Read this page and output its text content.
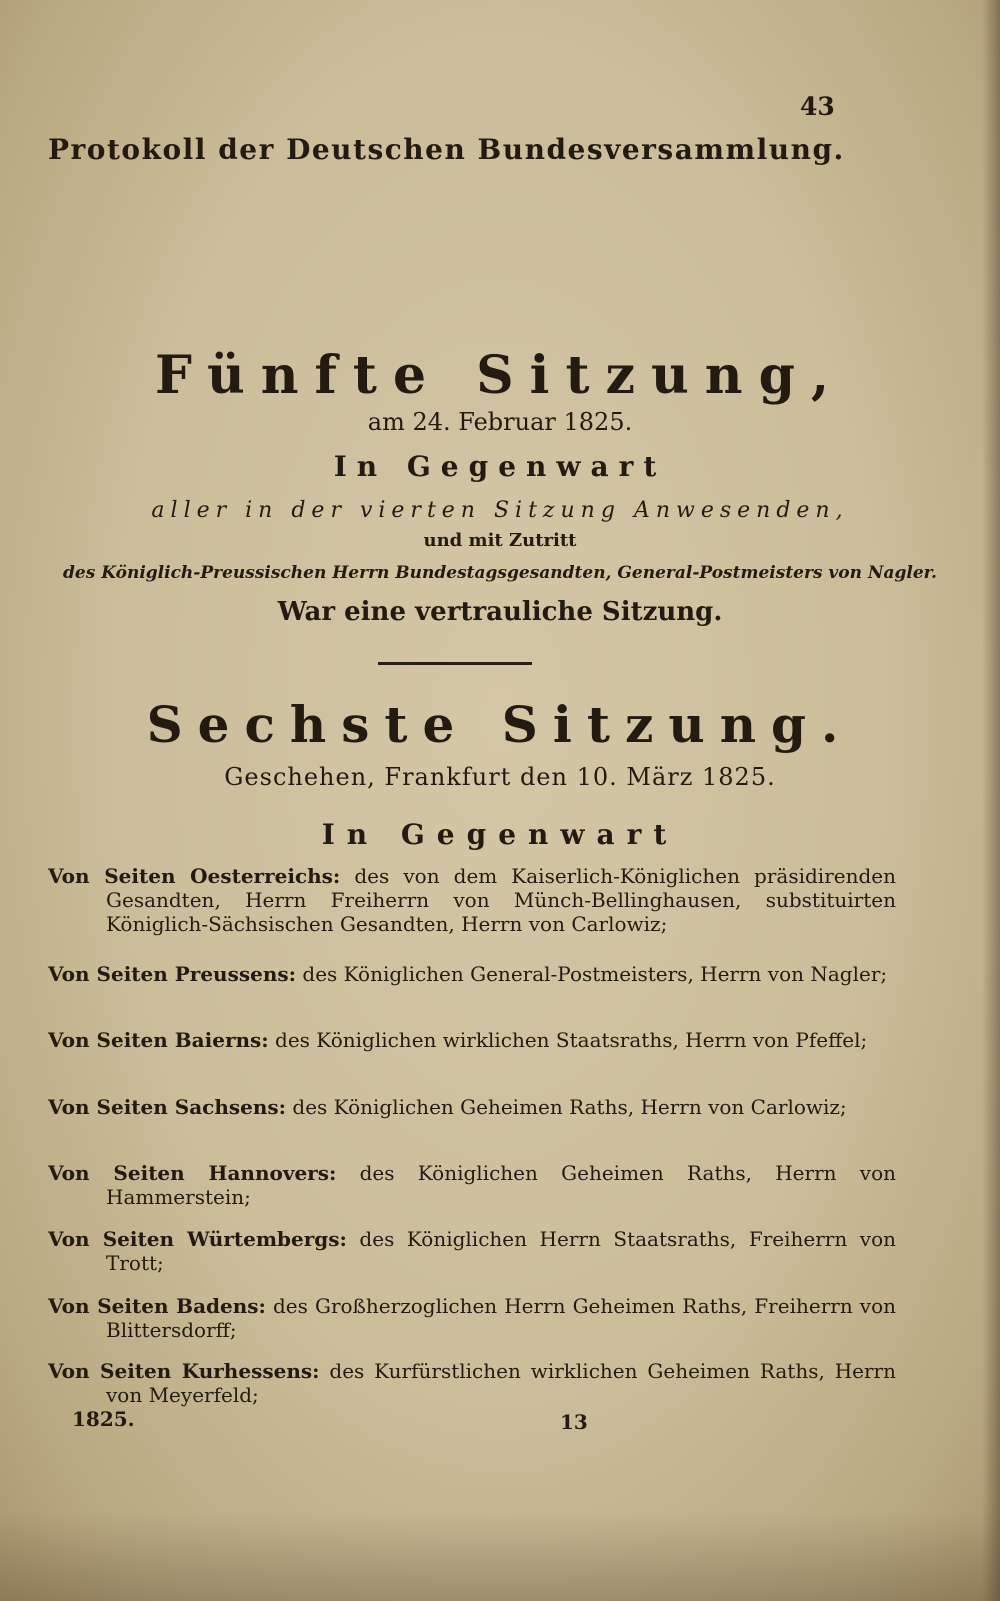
43
Protokoll der Deutschen Bundesversammlung.
Fünfte Sitzung,
am 24. Februar 1825.
In Gegenwart
aller in der vierten Sitzung Anwesenden,
und mit Zutritt
des Königlich-Preussischen Herrn Bundestagsgesandten, General-Postmeisters von Nagler.
War eine vertrauliche Sitzung.
Sechste Sitzung.
Geschehen, Frankfurt den 10. März 1825.
In Gegenwart
Von Seiten Oesterreichs: des von dem Kaiserlich-Königlichen präsidirenden Gesandten, Herrn Freiherrn von Münch-Bellinghausen, substituirten Königlich-Sächsischen Gesandten, Herrn von Carlowiz;
Von Seiten Preussens: des Königlichen General-Postmeisters, Herrn von Nagler;
Von Seiten Baierns: des Königlichen wirklichen Staatsraths, Herrn von Pfeffel;
Von Seiten Sachsens: des Königlichen Geheimen Raths, Herrn von Carlowiz;
Von Seiten Hannovers: des Königlichen Geheimen Raths, Herrn von Hammerstein;
Von Seiten Würtembergs: des Königlichen Herrn Staatsraths, Freiherrn von Trott;
Von Seiten Badens: des Großherzoglichen Herrn Geheimen Raths, Freiherrn von Blittersdorff;
Von Seiten Kurhessens: des Kurfürstlichen wirklichen Geheimen Raths, Herrn von Meyerfeld;
1825.	13
